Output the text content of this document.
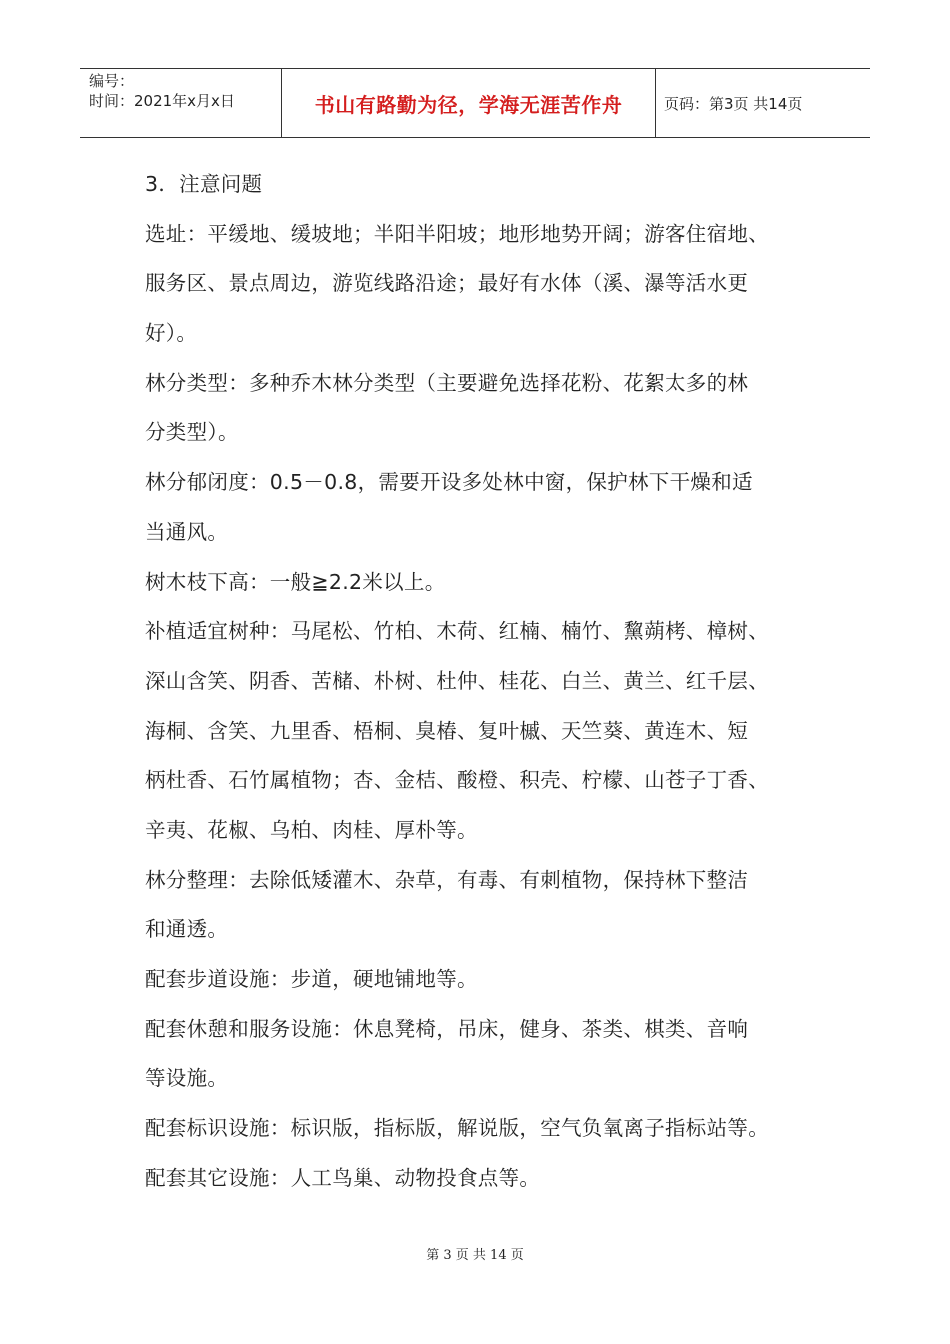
编号：
时间：2021年x月x日	书山有路勤为径，学海无涯苦作舟	页码：第3页 共14页
3．注意问题
选址：平缓地、缓坡地；半阳半阳坡；地形地势开阔；游客住宿地、
服务区、景点周边，游览线路沿途；最好有水体（溪、瀑等活水更
好）。
林分类型：多种乔木林分类型（主要避免选择花粉、花絮太多的林
分类型）。
林分郁闭度：0.5－0.8，需要开设多处林中窗，保护林下干燥和适
当通风。
树木枝下高：一般≧2.2米以上。
补植适宜树种：马尾松、竹柏、木荷、红楠、楠竹、黧蒴栲、樟树、
深山含笑、阴香、苦槠、朴树、杜仲、桂花、白兰、黄兰、红千层、
海桐、含笑、九里香、梧桐、臭椿、复叶槭、天竺葵、黄连木、短
柄杜香、石竹属植物；杏、金桔、酸橙、积壳、柠檬、山苍子丁香、
辛夷、花椒、乌柏、肉桂、厚朴等。
林分整理：去除低矮灌木、杂草，有毒、有刺植物，保持林下整洁
和通透。
配套步道设施：步道，硬地铺地等。
配套休憩和服务设施：休息凳椅，吊床，健身、茶类、棋类、音响
等设施。
配套标识设施：标识版，指标版，解说版，空气负氧离子指标站等。
配套其它设施：人工鸟巢、动物投食点等。
第 3 页 共 14 页
